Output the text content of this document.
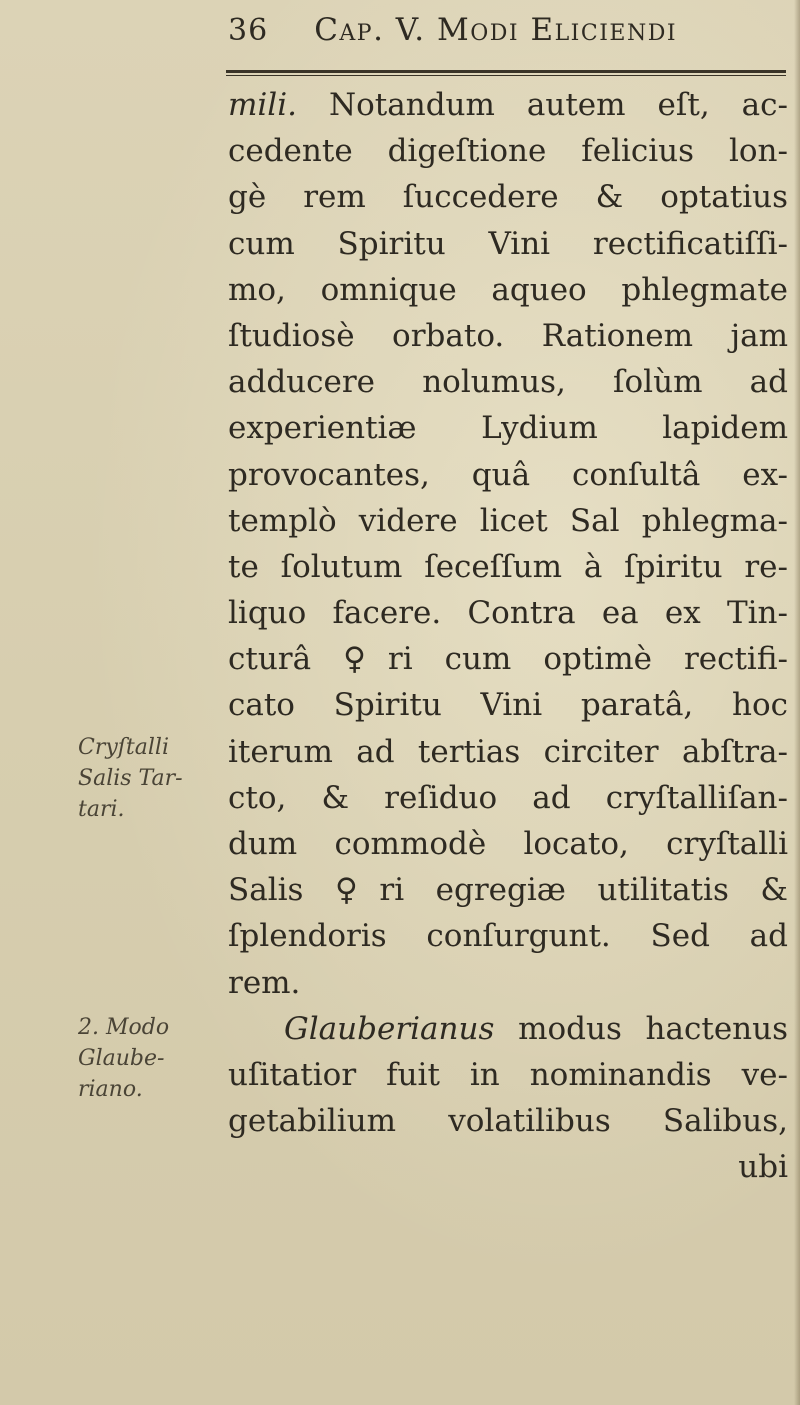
36 Cap. V. Modi Eliciendi
mili. Notandum autem eſt, ac-
cedente digeſtione felicius lon-
gè rem ſuccedere & optatius
cum Spiritu Vini rectificatiſſi-
mo, omnique aqueo phlegmate
ſtudiosè orbato. Rationem jam
adducere nolumus, ſolùm ad
experientiæ Lydium lapidem
provocantes, quâ conſultâ ex-
templò videre licet Sal phlegma-
te ſolutum ſeceſſum à ſpiritu re-
liquo facere. Contra ea ex Tin-
cturâ ♀ri cum optimè rectifi-
cato Spiritu Vini paratâ, hoc
iterum ad tertias circiter abſtra-
cto, & reſiduo ad cryſtalliſan-
dum commodè locato, cryſtalli
Salis ♀ri egregiæ utilitatis &
ſplendoris conſurgunt. Sed ad
rem.
Glauberianus modus hactenus
uſitatior fuit in nominandis ve-
getabilium volatilibus Salibus,
ubi
Cryſtalli
Salis Tar-
tari.
2. Modo
Glaube-
riano.
